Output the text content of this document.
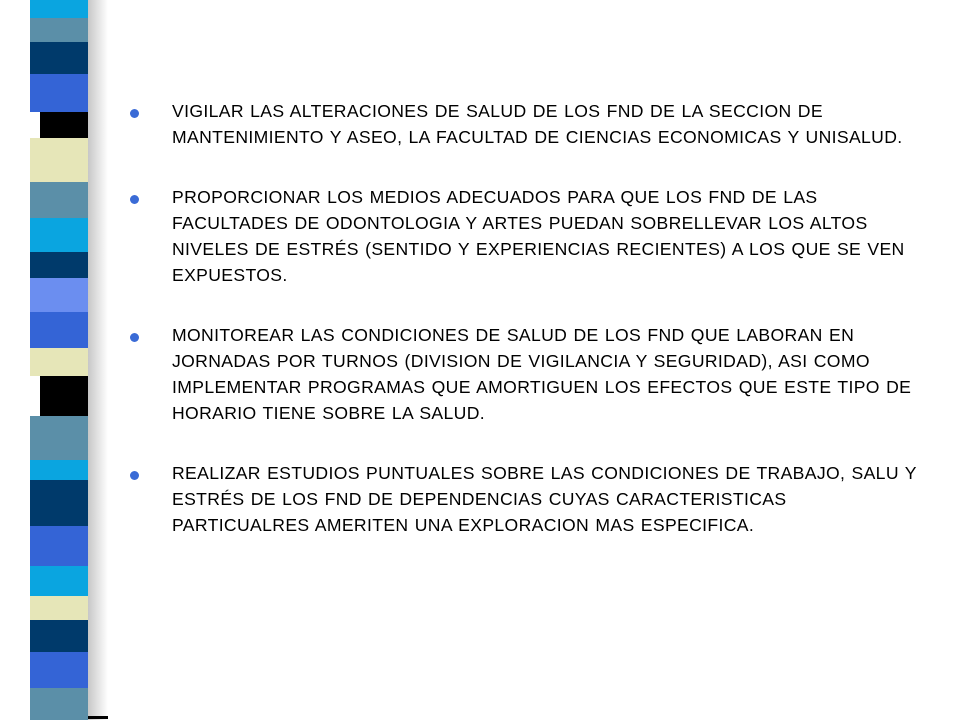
VIGILAR LAS ALTERACIONES DE SALUD DE LOS FND DE LA SECCION DE MANTENIMIENTO Y ASEO, LA FACULTAD DE CIENCIAS ECONOMICAS Y UNISALUD.
PROPORCIONAR LOS MEDIOS ADECUADOS PARA QUE LOS FND DE LAS FACULTADES DE ODONTOLOGIA Y ARTES PUEDAN SOBRELLEVAR LOS ALTOS NIVELES DE ESTRÉS (SENTIDO Y EXPERIENCIAS RECIENTES) A LOS QUE SE VEN EXPUESTOS.
MONITOREAR LAS CONDICIONES DE SALUD DE LOS FND QUE LABORAN EN JORNADAS POR TURNOS (DIVISION DE VIGILANCIA Y SEGURIDAD), ASI COMO IMPLEMENTAR PROGRAMAS QUE AMORTIGUEN LOS EFECTOS QUE ESTE TIPO DE HORARIO TIENE SOBRE LA SALUD.
REALIZAR ESTUDIOS PUNTUALES SOBRE LAS CONDICIONES DE TRABAJO, SALU Y ESTRÉS DE LOS FND DE DEPENDENCIAS CUYAS CARACTERISTICAS PARTICUALRES AMERITEN UNA EXPLORACION MAS ESPECIFICA.
